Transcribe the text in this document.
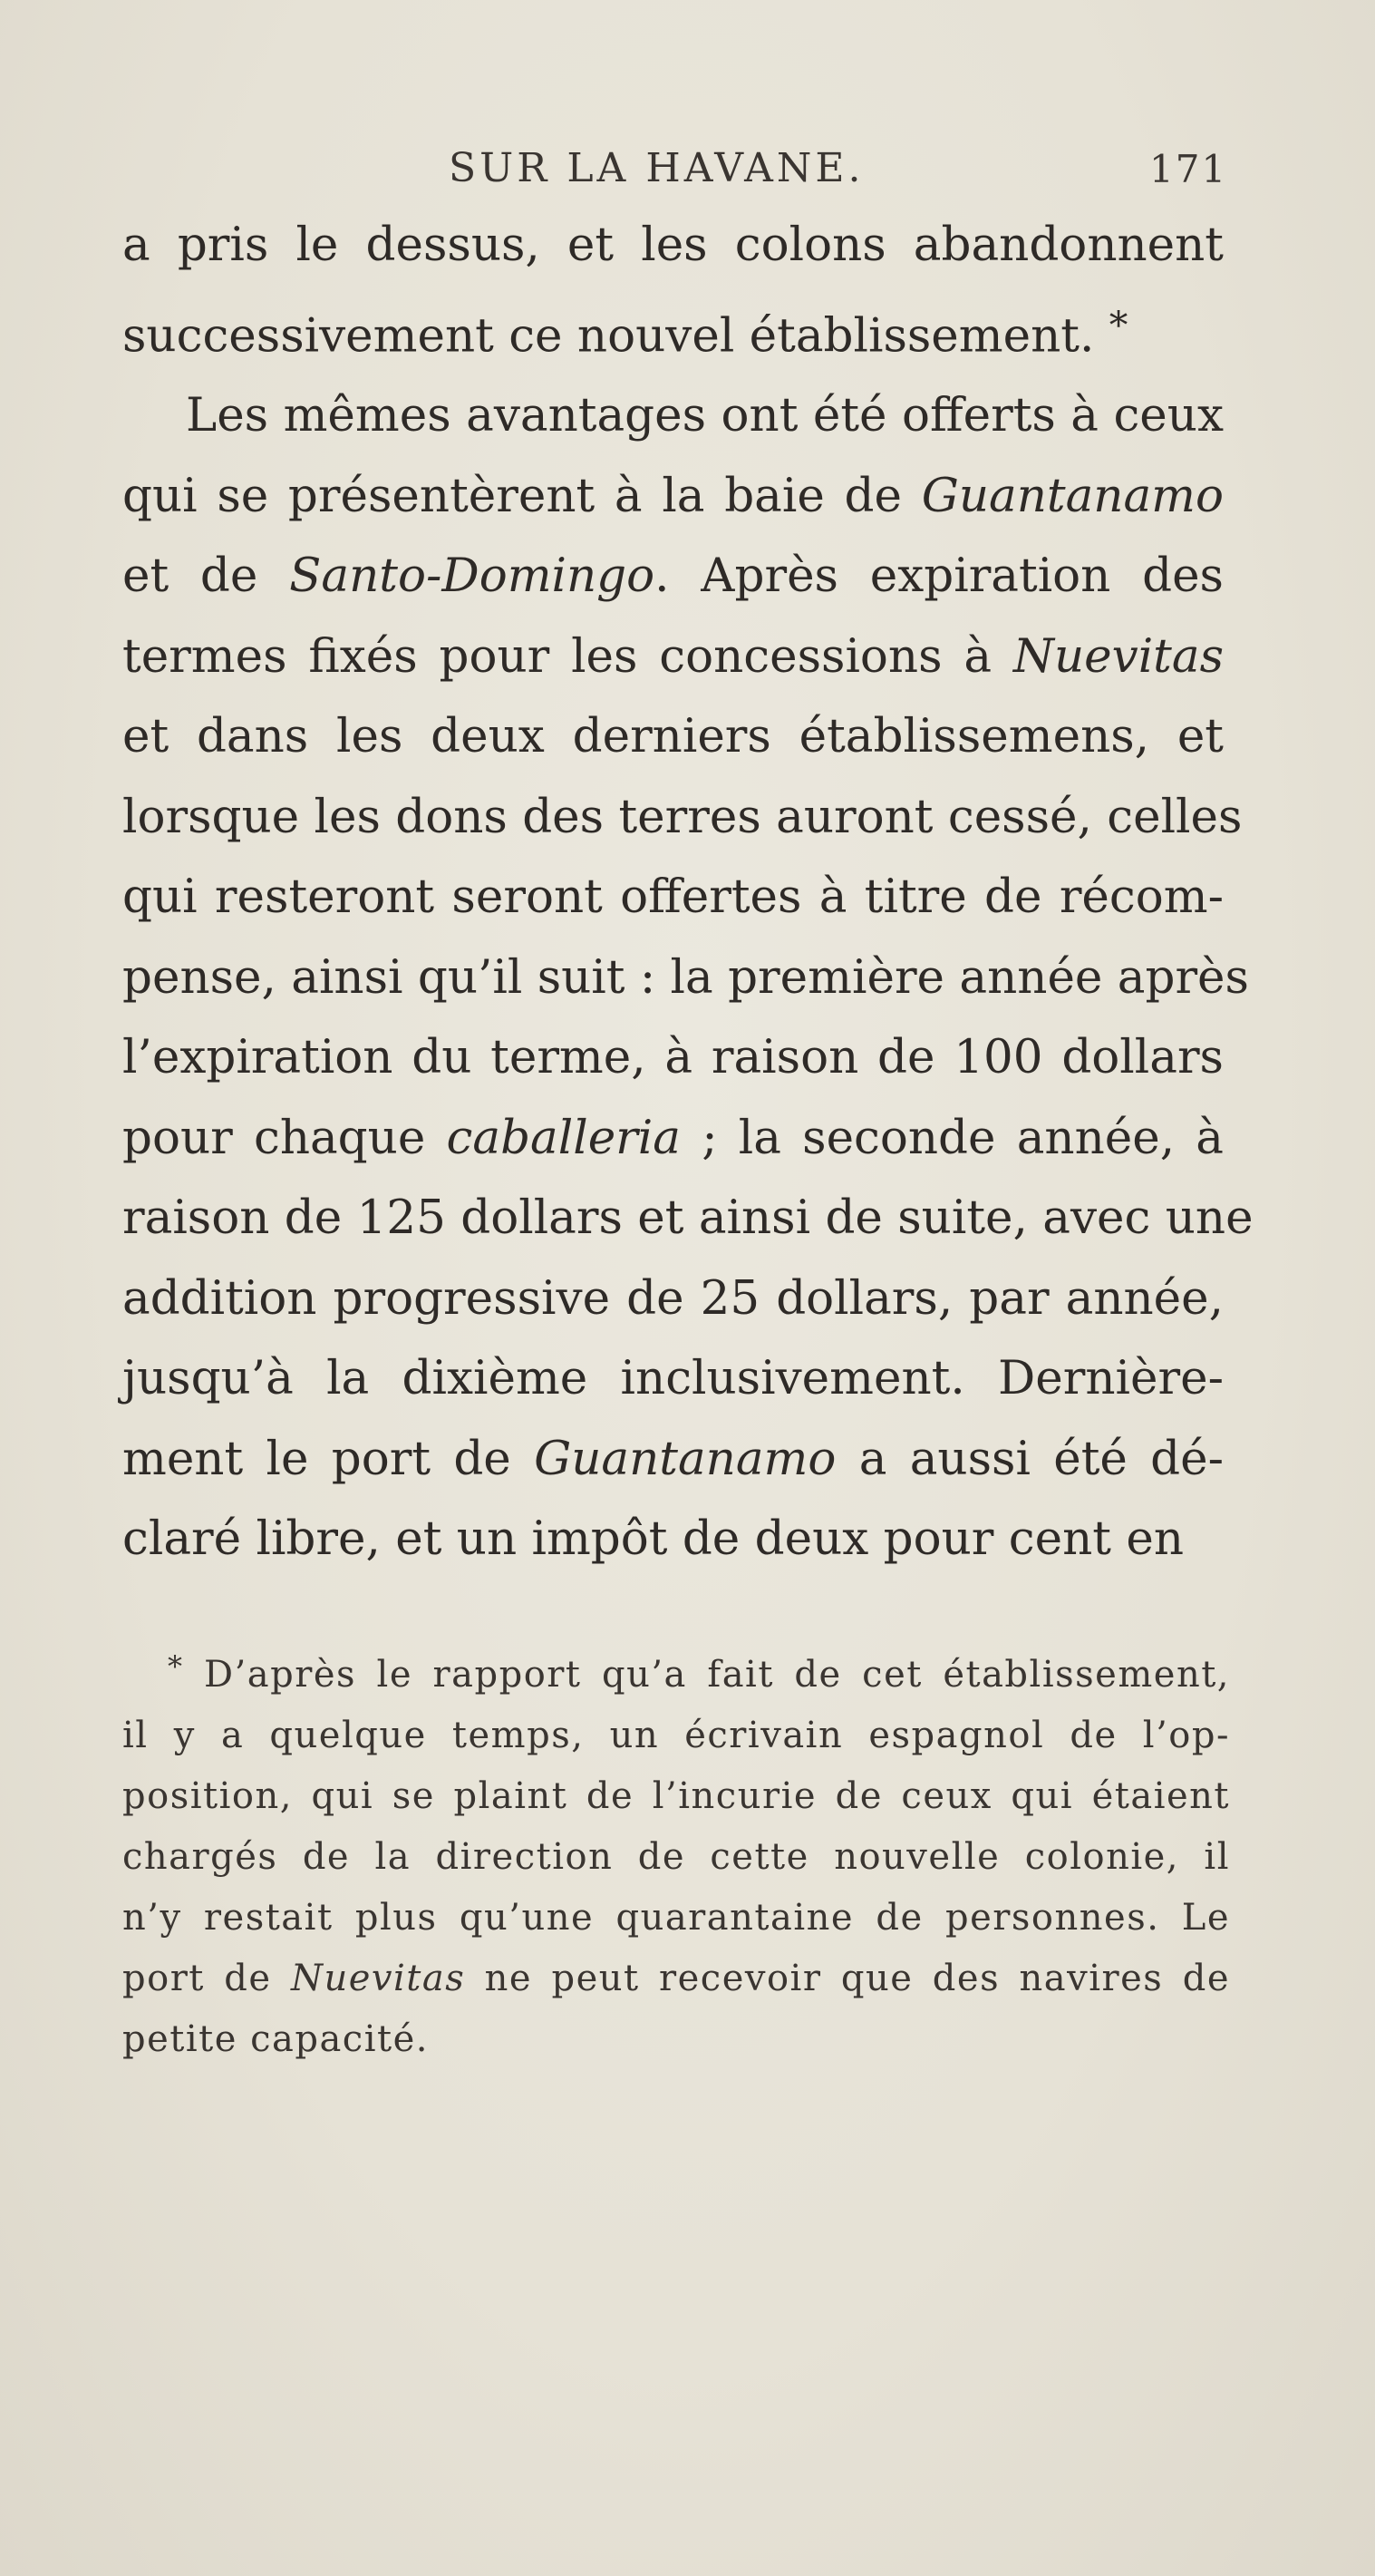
SUR LA HAVANE.	171
a pris le dessus, et les colons abandonnent
successivement ce nouvel établissement. *
Les mêmes avantages ont été offerts à ceux
qui se présentèrent à la baie de Guantanamo
et de Santo-Domingo. Après expiration des
termes fixés pour les concessions à Nuevitas
et dans les deux derniers établissemens, et
lorsque les dons des terres auront cessé, celles
qui resteront seront offertes à titre de récom-
pense, ainsi qu’il suit : la première année après
l’expiration du terme, à raison de 100 dollars
pour chaque caballeria ; la seconde année, à
raison de 125 dollars et ainsi de suite, avec une
addition progressive de 25 dollars, par année,
jusqu’à la dixième inclusivement. Dernière-
ment le port de Guantanamo a aussi été dé-
claré libre, et un impôt de deux pour cent en
* D’après le rapport qu’a fait de cet établissement,
il y a quelque temps, un écrivain espagnol de l’op-
position, qui se plaint de l’incurie de ceux qui étaient
chargés de la direction de cette nouvelle colonie, il
n’y restait plus qu’une quarantaine de personnes. Le
port de Nuevitas ne peut recevoir que des navires de
petite capacité.
